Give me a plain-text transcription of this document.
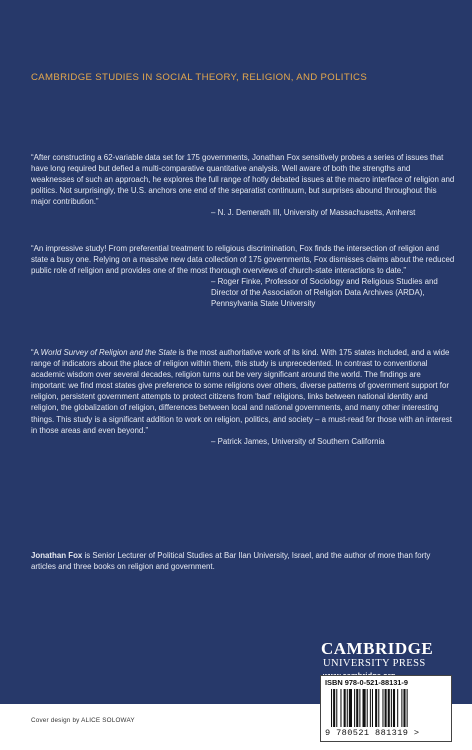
CAMBRIDGE STUDIES IN SOCIAL THEORY, RELIGION, AND POLITICS

“After constructing a 62-variable data set for 175 governments, Jonathan Fox sensitively probes a series of issues that have long required but defied a multi-comparative quantitative analysis. Well aware of both the strengths and weaknesses of such an approach, he explores the full range of hotly debated issues at the macro interface of religion and politics. Not surprisingly, the U.S. anchors one end of the separatist continuum, but surprises abound throughout this major contribution.”

– N. J. Demerath III, University of Massachusetts, Amherst

“An impressive study! From preferential treatment to religious discrimination, Fox finds the intersection of religion and state a busy one. Relying on a massive new data collection of 175 governments, Fox dismisses claims about the reduced public role of religion and provides one of the most thorough overviews of church-state interactions to date.”

– Roger Finke, Professor of Sociology and Religious Studies and
Director of the Association of Religion Data Archives (ARDA),
Pennsylvania State University

“A World Survey of Religion and the State is the most authoritative work of its kind. With 175 states included, and a wide range of indicators about the place of religion within them, this study is unprecedented. In contrast to conventional academic wisdom over several decades, religion turns out be very significant around the world. The findings are important: we find most states give preference to some religions over others, diverse patterns of government support for religion, persistent government attempts to protect citizens from ‘bad’ religions, links between national identity and religion, the globalization of religion, differences between local and national governments, and many other interesting things. This study is a significant addition to work on religion, politics, and society – a must-read for those with an interest in those areas and even beyond.”

– Patrick James, University of Southern California
Jonathan Fox is Senior Lecturer of Political Studies at Bar Ilan University, Israel, and the author of more than forty articles and three books on religion and government.
CAMBRIDGE
UNIVERSITY PRESS
ISBN 978-0-521-88131-9
9 780521 881319 >
Cover design by ALICE SOLOWAY
